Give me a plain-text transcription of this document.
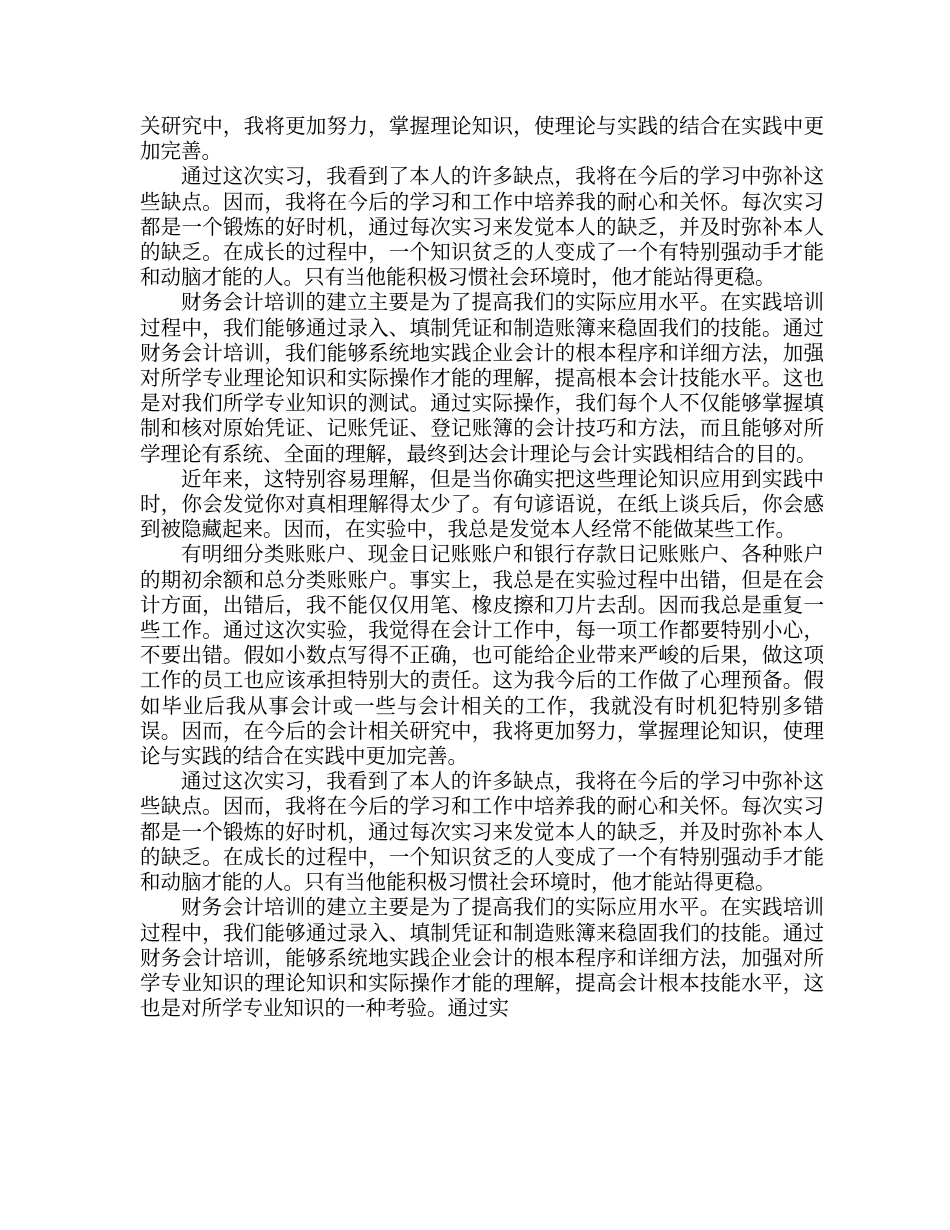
关研究中，我将更加努力，掌握理论知识，使理论与实践的结合在实践中更加完善。

通过这次实习，我看到了本人的许多缺点，我将在今后的学习中弥补这些缺点。因而，我将在今后的学习和工作中培养我的耐心和关怀。每次实习都是一个锻炼的好时机，通过每次实习来发觉本人的缺乏，并及时弥补本人的缺乏。在成长的过程中，一个知识贫乏的人变成了一个有特别强动手才能和动脑才能的人。只有当他能积极习惯社会环境时，他才能站得更稳。

财务会计培训的建立主要是为了提高我们的实际应用水平。在实践培训过程中，我们能够通过录入、填制凭证和制造账簿来稳固我们的技能。通过财务会计培训，我们能够系统地实践企业会计的根本程序和详细方法，加强对所学专业理论知识和实际操作才能的理解，提高根本会计技能水平。这也是对我们所学专业知识的测试。通过实际操作，我们每个人不仅能够掌握填制和核对原始凭证、记账凭证、登记账簿的会计技巧和方法，而且能够对所学理论有系统、全面的理解，最终到达会计理论与会计实践相结合的目的。

近年来，这特别容易理解，但是当你确实把这些理论知识应用到实践中时，你会发觉你对真相理解得太少了。有句谚语说，在纸上谈兵后，你会感到被隐藏起来。因而，在实验中，我总是发觉本人经常不能做某些工作。

有明细分类账账户、现金日记账账户和银行存款日记账账户、各种账户的期初余额和总分类账账户。事实上，我总是在实验过程中出错，但是在会计方面，出错后，我不能仅仅用笔、橡皮擦和刀片去刮。因而我总是重复一些工作。通过这次实验，我觉得在会计工作中，每一项工作都要特别小心，不要出错。假如小数点写得不正确，也可能给企业带来严峻的后果，做这项工作的员工也应该承担特别大的责任。这为我今后的工作做了心理预备。假如毕业后我从事会计或一些与会计相关的工作，我就没有时机犯特别多错误。因而，在今后的会计相关研究中，我将更加努力，掌握理论知识，使理论与实践的结合在实践中更加完善。

通过这次实习，我看到了本人的许多缺点，我将在今后的学习中弥补这些缺点。因而，我将在今后的学习和工作中培养我的耐心和关怀。每次实习都是一个锻炼的好时机，通过每次实习来发觉本人的缺乏，并及时弥补本人的缺乏。在成长的过程中，一个知识贫乏的人变成了一个有特别强动手才能和动脑才能的人。只有当他能积极习惯社会环境时，他才能站得更稳。

财务会计培训的建立主要是为了提高我们的实际应用水平。在实践培训过程中，我们能够通过录入、填制凭证和制造账簿来稳固我们的技能。通过财务会计培训，能够系统地实践企业会计的根本程序和详细方法，加强对所学专业知识的理论知识和实际操作才能的理解，提高会计根本技能水平，这也是对所学专业知识的一种考验。通过实
